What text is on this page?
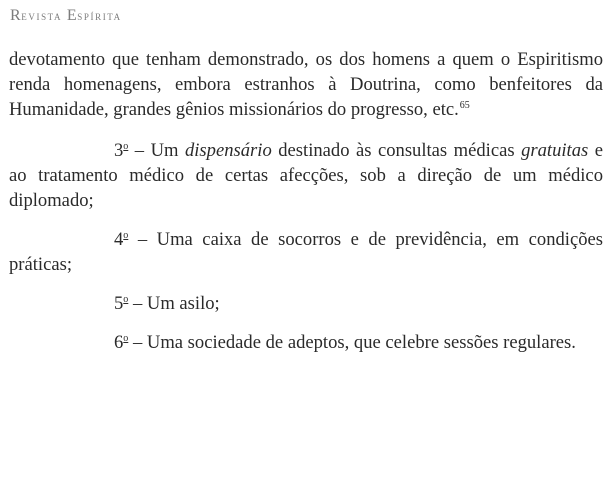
Revista Espírita

devotamento que tenham demonstrado, os dos homens a quem o Espiritismo renda homenagens, embora estranhos à Doutrina, como benfeitores da Humanidade, grandes gênios missionários do progresso, etc.$^{65}$

3$^o$ – Um dispensário destinado às consultas médicas gratuitas e ao tratamento médico de certas afecções, sob a direção de um médico diplomado;

4$^o$ – Uma caixa de socorros e de previdência, em condições práticas;

5$^o$ – Um asilo;

6$^o$ – Uma sociedade de adeptos, que celebre sessões regulares.
